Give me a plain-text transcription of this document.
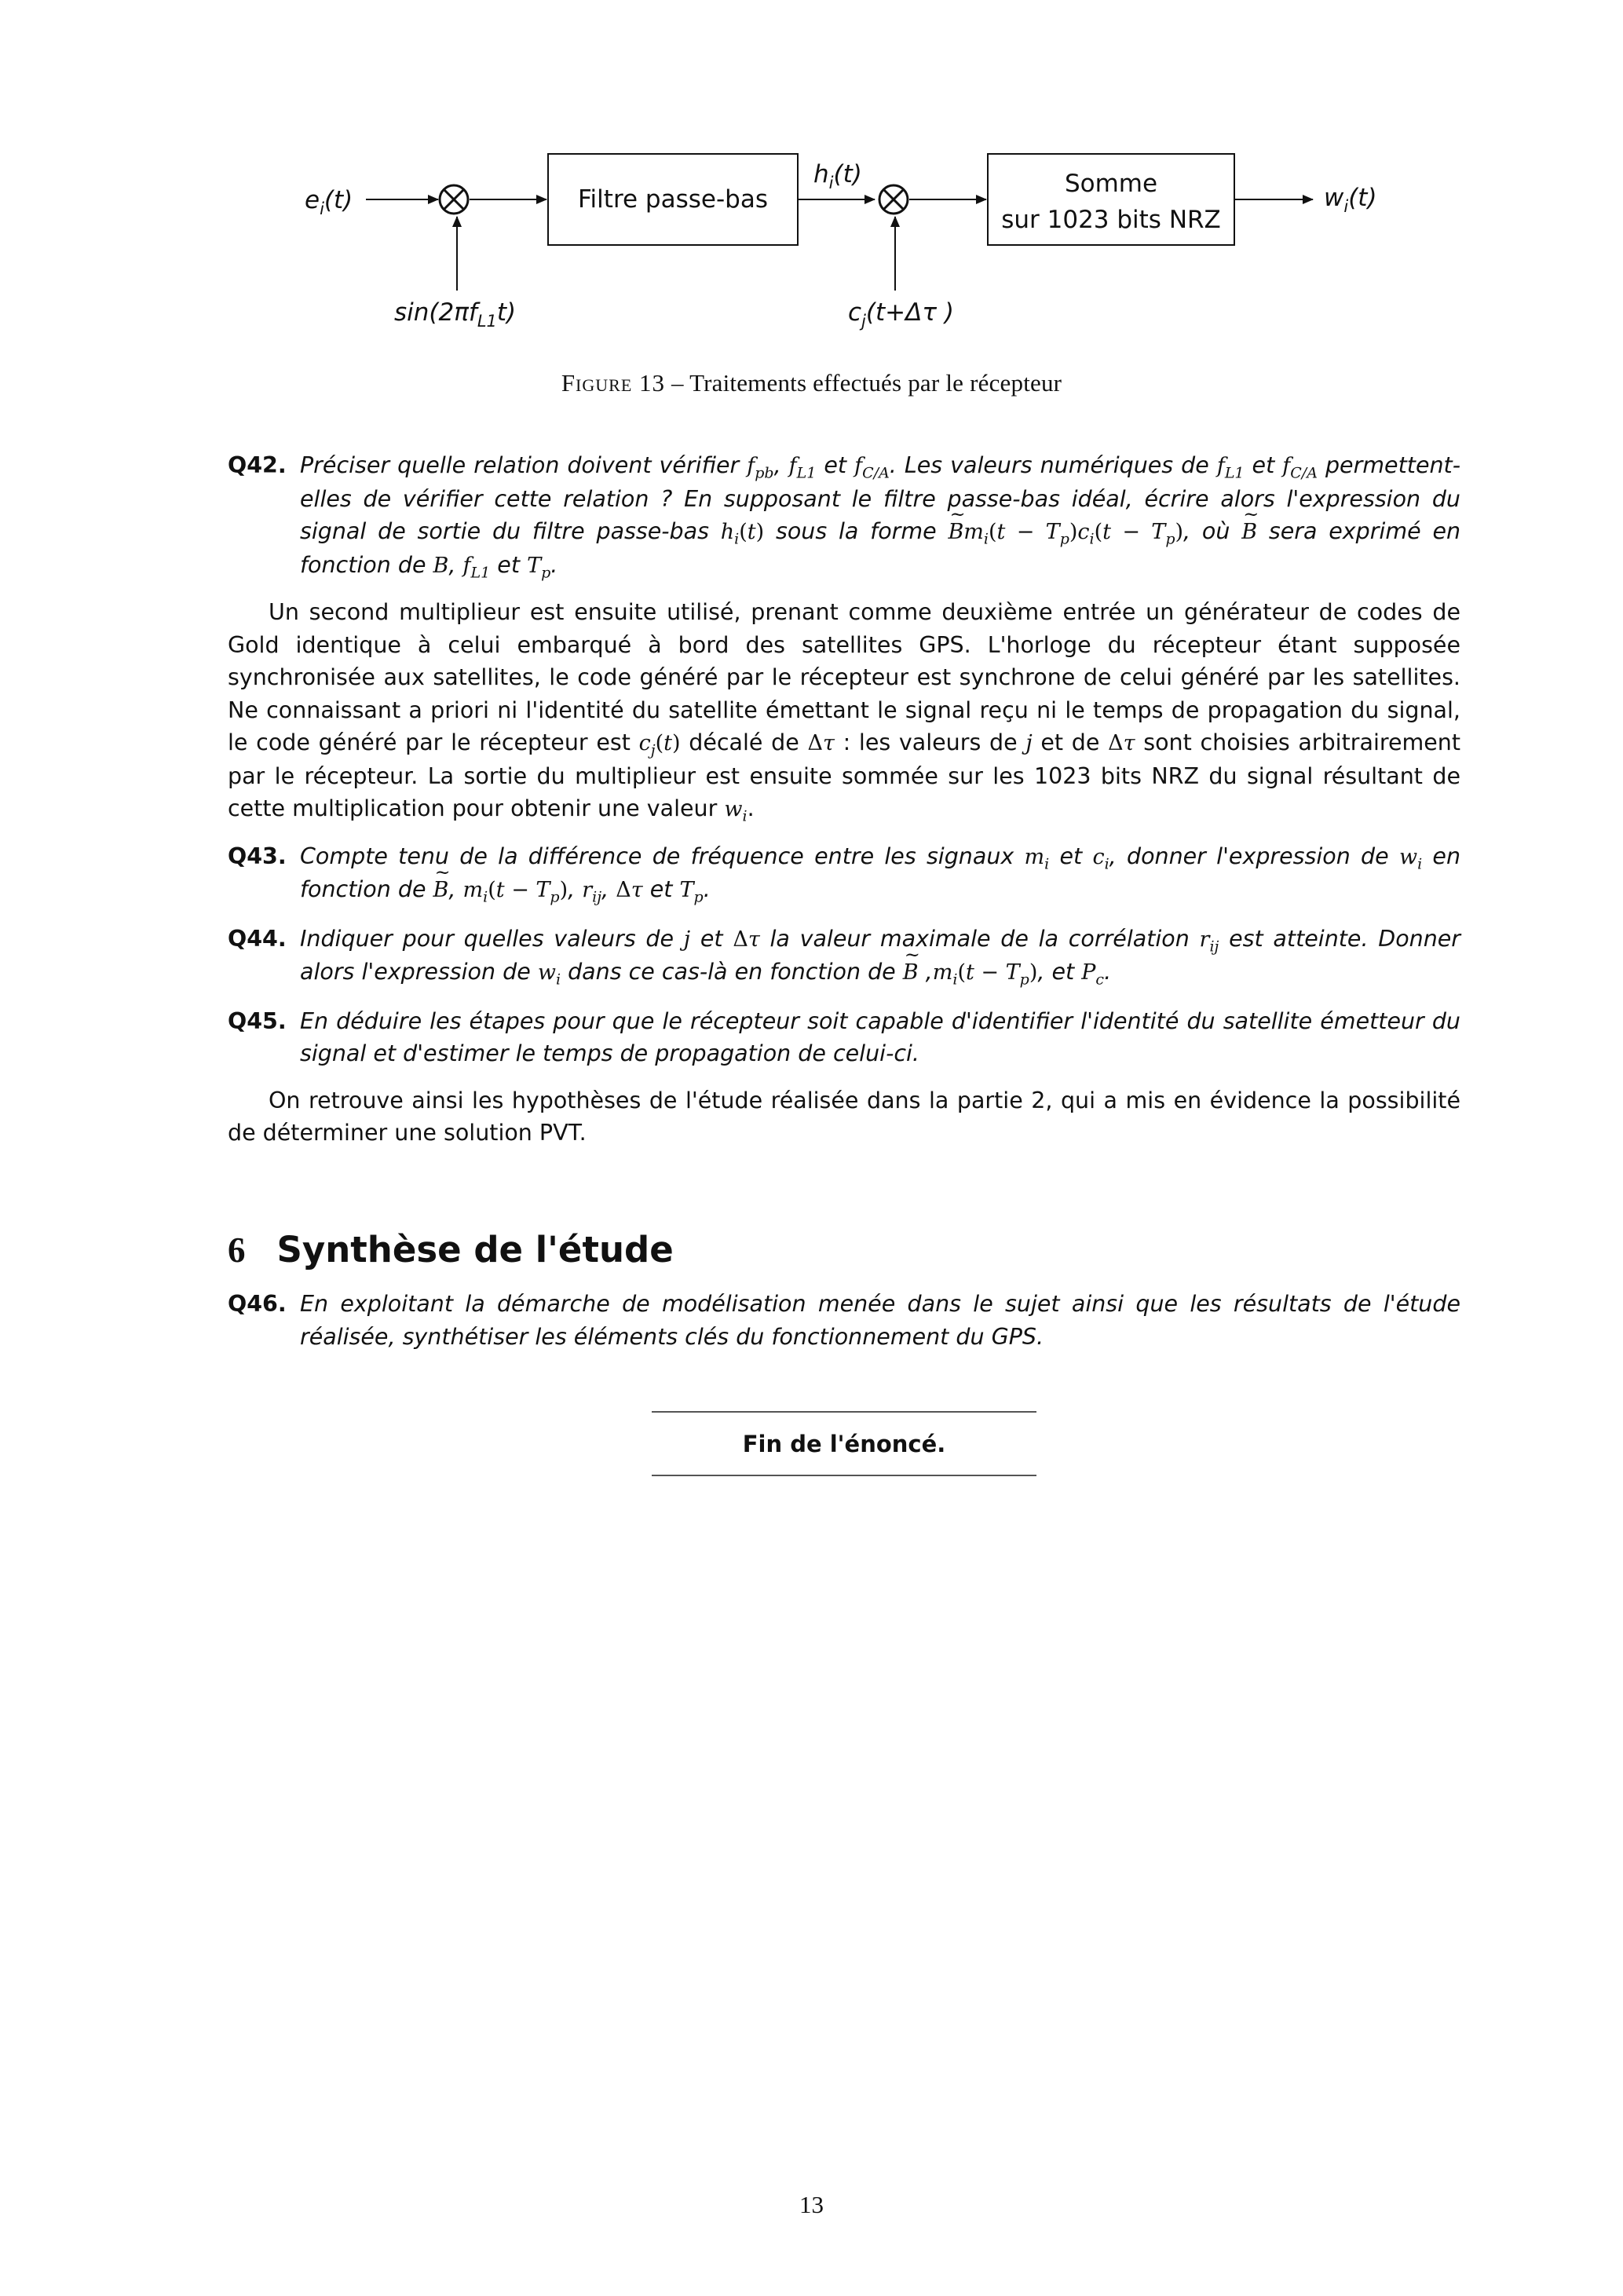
$e_i(t)$
$\sin(2\pi f_{L1}t)$
Filtre passe-bas
$h_i(t)$
$c_j(t+\Delta\tau$ )
Somme
sur 1023 bits NRZ
$w_i(t)$
Figure 13 – Traitements effectués par le récepteur
Q42. Préciser quelle relation doivent vérifier $f_{pb}$, $f_{L1}$ et $f_{C/A}$. Les valeurs numériques de $f_{L1}$ et $f_{C/A}$ permettent-elles de vérifier cette relation ? En supposant le filtre passe-bas idéal, écrire alors l'expression du signal de sortie du filtre passe-bas $h_i(t)$ sous la forme ~ $Bm_i(t - T_p)c_i(t - T_p)$, où ~ B sera exprimé en fonction de B, $f_{L1}$ et $T_p$.

Un second multiplieur est ensuite utilisé, prenant comme deuxième entrée un générateur de codes de Gold identique à celui embarqué à bord des satellites GPS. L'horloge du récepteur étant supposée synchronisée aux satellites, le code généré par le récepteur est synchrone de celui généré par les satellites. Ne connaissant a priori ni l'identité du satellite émettant le signal reçu ni le temps de propagation du signal, le code généré par le récepteur est $c_j(t)$ décalé de Δτ : les valeurs de j et de Δτ sont choisies arbitrairement par le récepteur. La sortie du multiplieur est ensuite sommée sur les 1023 bits NRZ du signal résultant de cette multiplication pour obtenir une valeur $w_i$.

Q43. Compte tenu de la différence de fréquence entre les signaux $m_i$ et $c_i$, donner l'expression de $w_i$ en fonction de ~ B, $m_i(t - T_p)$, $r_{ij}$, Δτ et $T_p$.
Q44. Indiquer pour quelles valeurs de j et Δτ la valeur maximale de la corrélation $r_{ij}$ est atteinte. Donner alors l'expression de $w_i$ dans ce cas-là en fonction de ~ B $,m_i(t - T_p)$, et $P_c$.
Q45. En déduire les étapes pour que le récepteur soit capable d'identifier l'identité du satellite émetteur du signal et d'estimer le temps de propagation de celui-ci.

On retrouve ainsi les hypothèses de l'étude réalisée dans la partie 2, qui a mis en évidence la possibilité de déterminer une solution PVT.

6 Synthèse de l'étude
Q46. En exploitant la démarche de modélisation menée dans le sujet ainsi que les résultats de l'étude réalisée, synthétiser les éléments clés du fonctionnement du GPS.
Fin de l'énoncé.
13
